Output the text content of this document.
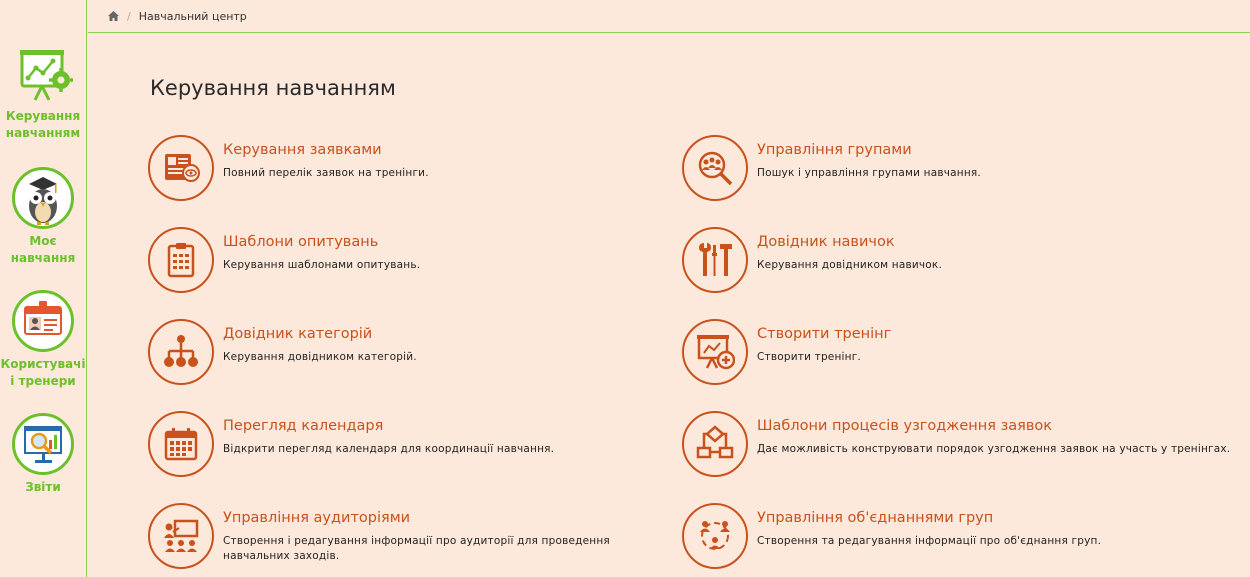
Керування
навчанням
Моє
навчання
Користувачі
і тренери
Звіти
/ Навчальний центр
Керування навчанням
Керування заявками
Повний перелік заявок на тренінги.
Шаблони опитувань
Керування шаблонами опитувань.
Довідник категорій
Керування довідником категорій.
Перегляд календаря
Відкрити перегляд календаря для координації навчання.
Управління аудиторіями
Створення і редагування інформації про аудиторії для проведення навчальних заходів.
Управління групами
Пошук і управління групами навчання.
Довідник навичок
Керування довідником навичок.
Створити тренінг
Створити тренінг.
Шаблони процесів узгодження заявок
Дає можливість конструювати порядок узгодження заявок на участь у тренінгах.
Управління об'єднаннями груп
Створення та редагування інформації про об'єднання груп.
